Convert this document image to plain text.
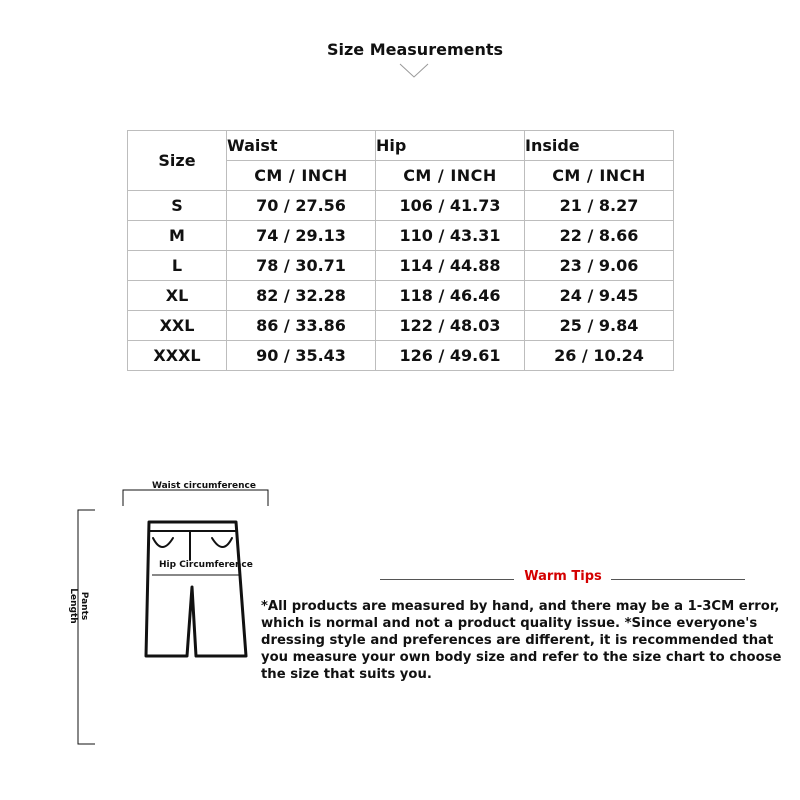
Size Measurements
Size	Waist	Hip	Inside
	CM / INCH	CM / INCH	CM / INCH
S	70 / 27.56	106 / 41.73	21 / 8.27
M	74 / 29.13	110 / 43.31	22 / 8.66
L	78 / 30.71	114 / 44.88	23 / 9.06
XL	82 / 32.28	118 / 46.46	24 / 9.45
XXL	86 / 33.86	122 / 48.03	25 / 9.84
XXXL	90 / 35.43	126 / 49.61	26 / 10.24
Waist circumference
Hip Circumference
Pants
Length
Warm Tips
*All products are measured by hand, and there may be a 1-3CM error, which is normal and not a product quality issue. *Since everyone's dressing style and preferences are different, it is recommended that you measure your own body size and refer to the size chart to choose the size that suits you.
